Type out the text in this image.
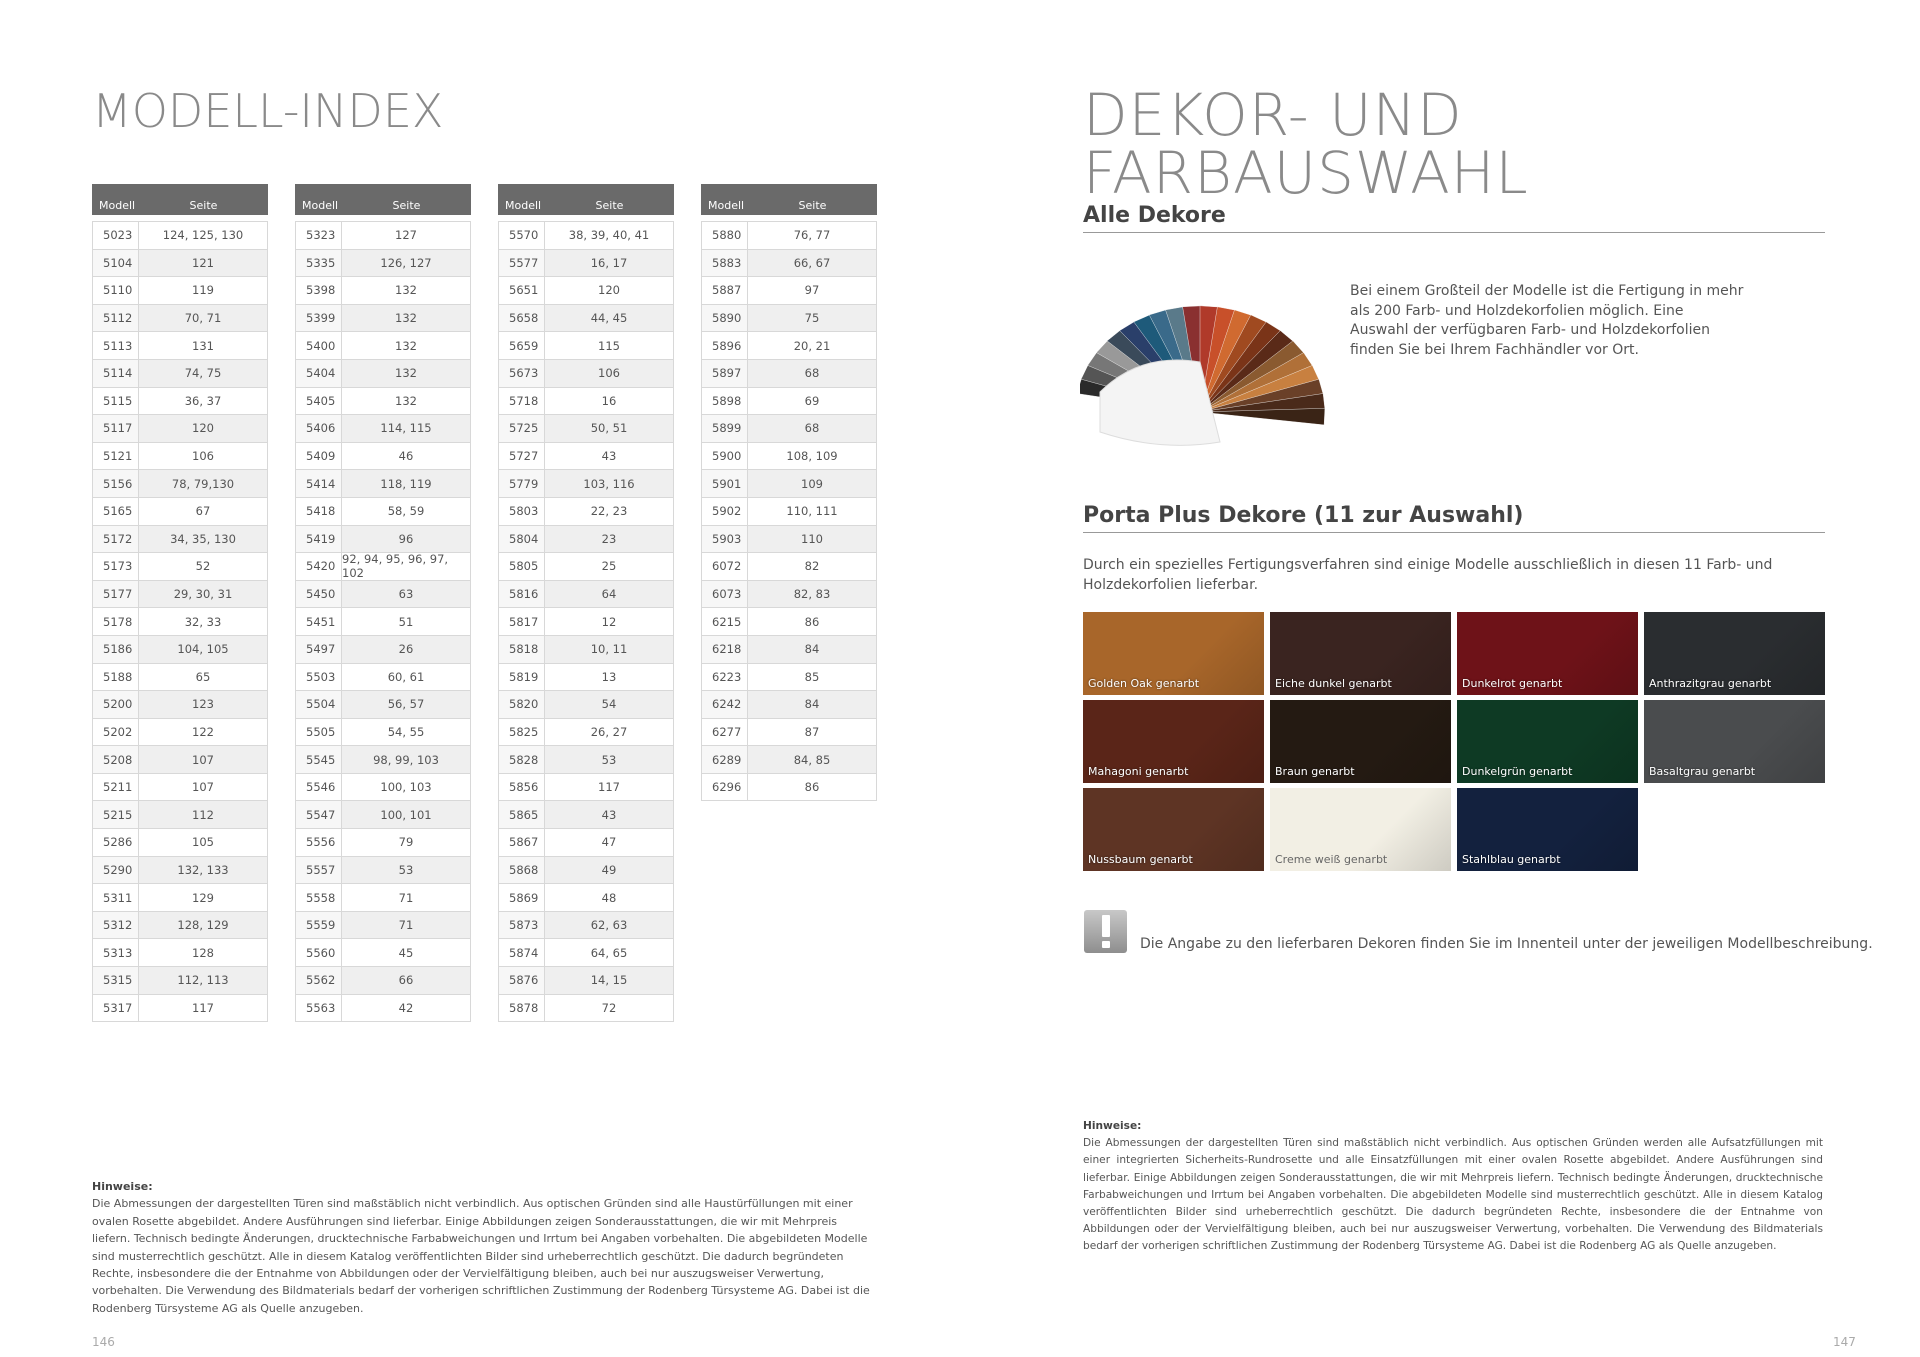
MODELL-INDEX
Modell	Seite
5023	124, 125, 130
5104	121
5110	119
5112	70, 71
5113	131
5114	74, 75
5115	36, 37
5117	120
5121	106
5156	78, 79,130
5165	67
5172	34, 35, 130
5173	52
5177	29, 30, 31
5178	32, 33
5186	104, 105
5188	65
5200	123
5202	122
5208	107
5211	107
5215	112
5286	105
5290	132, 133
5311	129
5312	128, 129
5313	128
5315	112, 113
5317	117
Modell	Seite
5323	127
5335	126, 127
5398	132
5399	132
5400	132
5404	132
5405	132
5406	114, 115
5409	46
5414	118, 119
5418	58, 59
5419	96
5420 92, 94, 95, 96, 97, 102
5450	63
5451	51
5497	26
5503	60, 61
5504	56, 57
5505	54, 55
5545	98, 99, 103
5546	100, 103
5547	100, 101
5556	79
5557	53
5558	71
5559	71
5560	45
5562	66
5563	42
Modell	Seite
5570	38, 39, 40, 41
5577	16, 17
5651	120
5658	44, 45
5659	115
5673	106
5718	16
5725	50, 51
5727	43
5779	103, 116
5803	22, 23
5804	23
5805	25
5816	64
5817	12
5818	10, 11
5819	13
5820	54
5825	26, 27
5828	53
5856	117
5865	43
5867	47
5868	49
5869	48
5873	62, 63
5874	64, 65
5876	14, 15
5878	72
Modell	Seite
5880	76, 77
5883	66, 67
5887	97
5890	75
5896	20, 21
5897	68
5898	69
5899	68
5900	108, 109
5901	109
5902	110, 111
5903	110
6072	82
6073	82, 83
6215	86
6218	84
6223	85
6242	84
6277	87
6289	84, 85
6296	86
Hinweise:
Die Abmessungen der dargestellten Türen sind maßstäblich nicht verbindlich. Aus optischen Gründen sind alle Haustürfüllungen mit einer ovalen Rosette abgebildet. Andere Ausführungen sind lieferbar. Einige Abbildungen zeigen Sonderausstattungen, die wir mit Mehrpreis liefern. Technisch bedingte Änderungen, drucktechnische Farbabweichungen und Irrtum bei Angaben vorbehalten. Die abgebildeten Modelle sind musterrechtlich geschützt. Alle in diesem Katalog veröffentlichten Bilder sind urheberrechtlich geschützt. Die dadurch begründeten Rechte, insbesondere die der Entnahme von Abbildungen oder der Vervielfältigung bleiben, auch bei nur auszugsweiser Verwertung, vorbehalten. Die Verwendung des Bildmaterials bedarf der vorherigen schriftlichen Zustimmung der Rodenberg Türsysteme AG. Dabei ist die Rodenberg Türsysteme AG als Quelle anzugeben.
146
DEKOR- UND FARBAUSWAHL
Alle Dekore
Bei einem Großteil der Modelle ist die Fertigung in mehr als 200 Farb- und Holzdekorfolien möglich. Eine Auswahl der verfügbaren Farb- und Holzdekorfolien finden Sie bei Ihrem Fachhändler vor Ort.
Porta Plus Dekore (11 zur Auswahl)
Durch ein spezielles Fertigungsverfahren sind einige Modelle ausschließlich in diesen 11 Farb- und Holzdekorfolien lieferbar.
Golden Oak genarbt	Eiche dunkel genarbt	Dunkelrot genarbt	Anthrazitgrau genarbt
Mahagoni genarbt	Braun genarbt	Dunkelgrün genarbt	Basaltgrau genarbt
Nussbaum genarbt	Creme weiß genarbt	Stahlblau genarbt
Die Angabe zu den lieferbaren Dekoren finden Sie im Innenteil unter der jeweiligen Modellbeschreibung.
Hinweise:
Die Abmessungen der dargestellten Türen sind maßstäblich nicht verbindlich. Aus optischen Gründen werden alle Aufsatzfüllungen mit einer integrierten Sicherheits-Rundrosette und alle Einsatzfüllungen mit einer ovalen Rosette abgebildet. Andere Ausführungen sind lieferbar. Einige Abbildungen zeigen Sonderausstattungen, die wir mit Mehrpreis liefern. Technisch bedingte Änderungen, drucktechnische Farbabweichungen und Irrtum bei Angaben vorbehalten. Die abgebildeten Modelle sind musterrechtlich geschützt. Alle in diesem Katalog veröffentlichten Bilder sind urheberrechtlich geschützt. Die dadurch begründeten Rechte, insbesondere die der Entnahme von Abbildungen oder der Vervielfältigung bleiben, auch bei nur auszugsweiser Verwertung, vorbehalten. Die Verwendung des Bildmaterials bedarf der vorherigen schriftlichen Zustimmung der Rodenberg Türsysteme AG. Dabei ist die Rodenberg AG als Quelle anzugeben.
147
